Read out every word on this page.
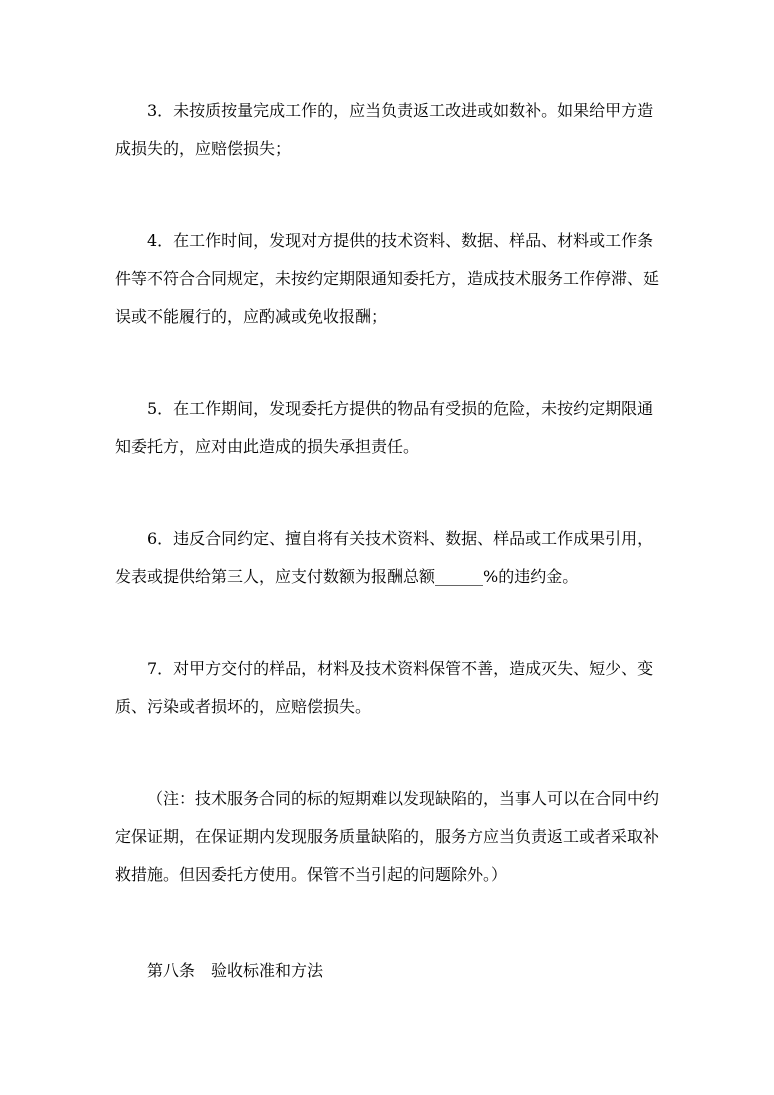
3．未按质按量完成工作的，应当负责返工改进或如数补。如果给甲方造成损失的，应赔偿损失；

4．在工作时间，发现对方提供的技术资料、数据、样品、材料或工作条件等不符合合同规定，未按约定期限通知委托方，造成技术服务工作停滞、延误或不能履行的，应酌减或免收报酬；

5．在工作期间，发现委托方提供的物品有受损的危险，未按约定期限通知委托方，应对由此造成的损失承担责任。

6．违反合同约定、擅自将有关技术资料、数据、样品或工作成果引用，发表或提供给第三人，应支付数额为报酬总额______%的违约金。

7．对甲方交付的样品，材料及技术资料保管不善，造成灭失、短少、变质、污染或者损坏的，应赔偿损失。

（注：技术服务合同的标的短期难以发现缺陷的，当事人可以在合同中约定保证期，在保证期内发现服务质量缺陷的，服务方应当负责返工或者采取补救措施。但因委托方使用。保管不当引起的问题除外。）

第八条　验收标准和方法
